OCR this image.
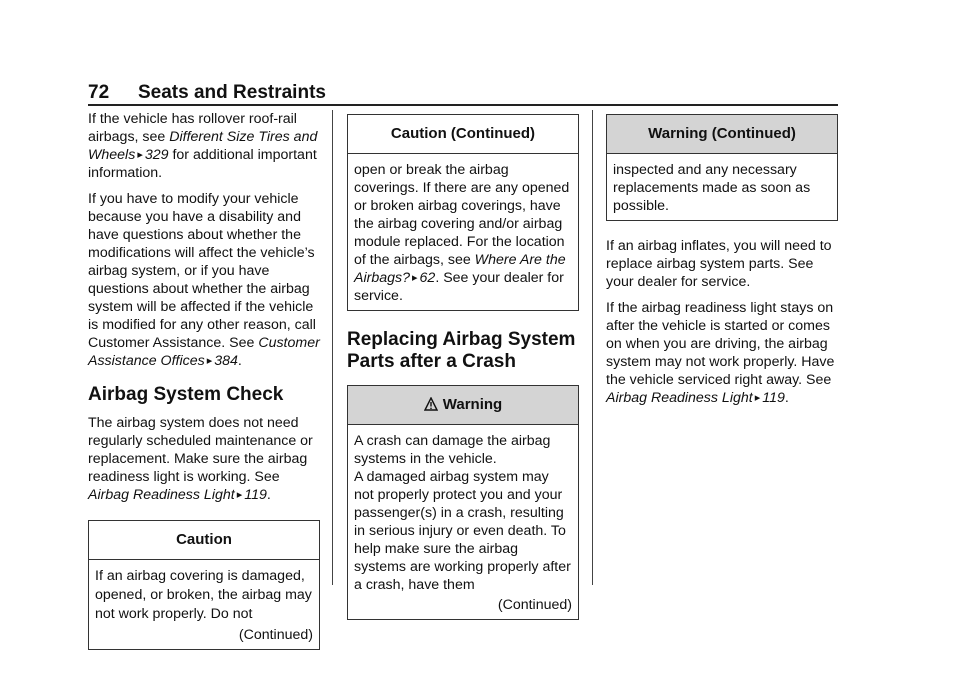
72 Seats and Restraints

If the vehicle has rollover roof-rail airbags, see Different Size Tires and Wheels ▸ 329 for additional important information.

If you have to modify your vehicle because you have a disability and have questions about whether the modifications will affect the vehicle’s airbag system, or if you have questions about whether the airbag system will be affected if the vehicle is modified for any other reason, call Customer Assistance. See Customer Assistance Offices ▸ 384.

Airbag System Check

The airbag system does not need regularly scheduled maintenance or replacement. Make sure the airbag readiness light is working. See Airbag Readiness Light ▸ 119.

Caution
If an airbag covering is damaged, opened, or broken, the airbag may not work properly. Do not
(Continued)
Caution (Continued)
open or break the airbag coverings. If there are any opened or broken airbag coverings, have the airbag covering and/or airbag module replaced. For the location of the airbags, see Where Are the Airbags? ▸ 62. See your dealer for service.
Replacing Airbag System Parts after a Crash
Warning
A crash can damage the airbag systems in the vehicle.
A damaged airbag system may not properly protect you and your passenger(s) in a crash, resulting in serious injury or even death. To help make sure the airbag systems are working properly after a crash, have them
(Continued)
Warning (Continued)
inspected and any necessary replacements made as soon as possible.

If an airbag inflates, you will need to replace airbag system parts. See your dealer for service.

If the airbag readiness light stays on after the vehicle is started or comes on when you are driving, the airbag system may not work properly. Have the vehicle serviced right away. See Airbag Readiness Light ▸ 119.
